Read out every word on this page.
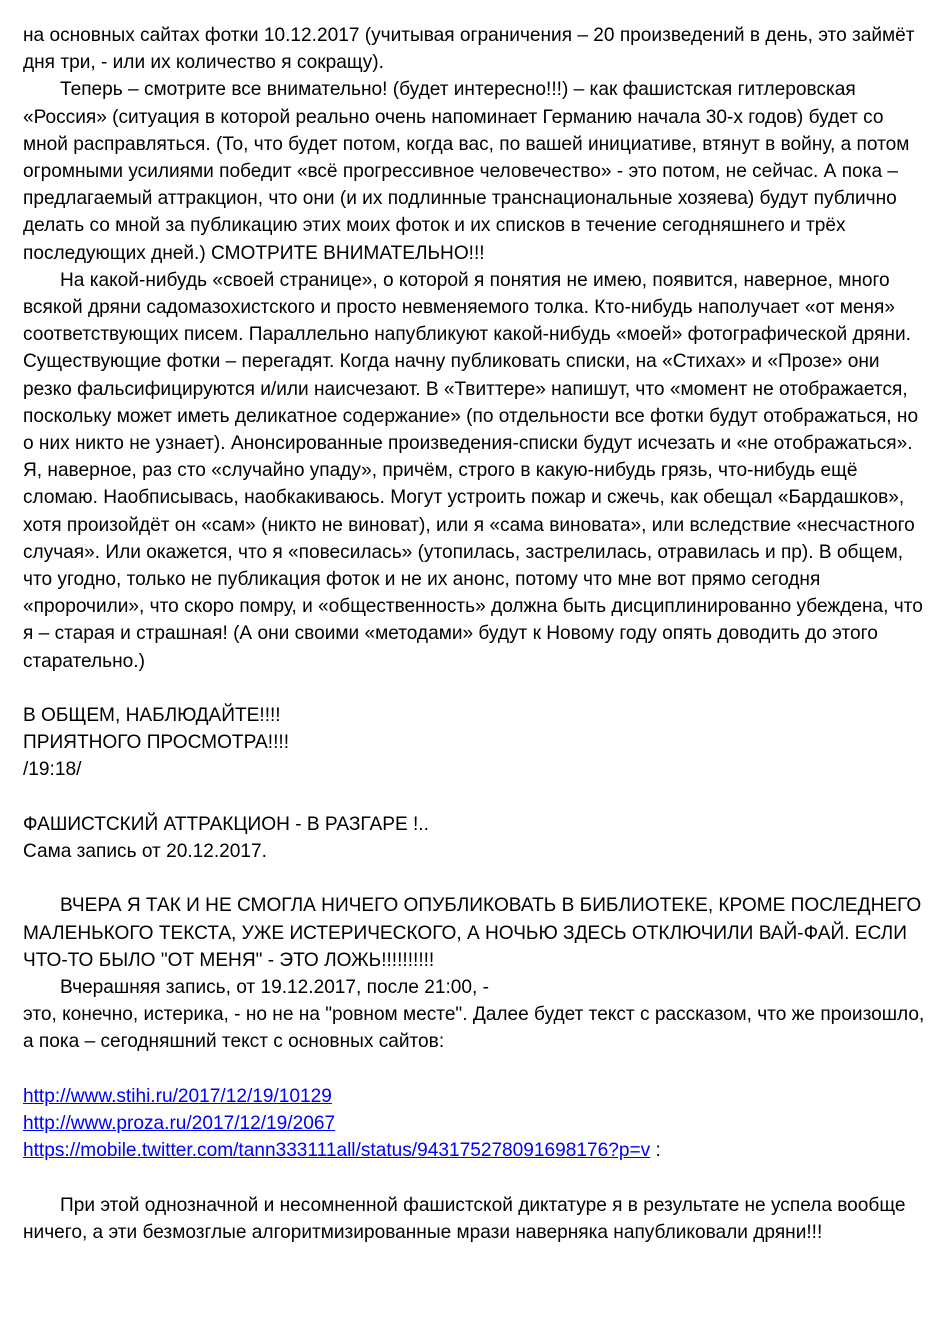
на основных сайтах фотки 10.12.2017 (учитывая ограничения – 20 произведений в день, это займёт дня три, - или их количество я сокращу).

Теперь – смотрите все внимательно! (будет интересно!!!) – как фашистская гитлеровская «Россия» (ситуация в которой реально очень напоминает Германию начала 30-х годов) будет со мной расправляться. (То, что будет потом, когда вас, по вашей инициативе, втянут в войну, а потом огромными усилиями победит «всё прогрессивное человечество» - это потом, не сейчас. А пока – предлагаемый аттракцион, что они (и их подлинные транснациональные хозяева) будут публично делать со мной за публикацию этих моих фоток и их списков в течение сегодняшнего и трёх последующих дней.) СМОТРИТЕ ВНИМАТЕЛЬНО!!!

На какой-нибудь «своей странице», о которой я понятия не имею, появится, наверное, много всякой дряни садомазохистского и просто невменяемого толка. Кто-нибудь наполучает «от меня» соответствующих писем. Параллельно напубликуют какой-нибудь «моей» фотографической дряни. Существующие фотки – перегадят. Когда начну публиковать списки, на «Стихах» и «Прозе» они резко фальсифицируются и/или наисчезают. В «Твиттере» напишут, что «момент не отображается, поскольку может иметь деликатное содержание» (по отдельности все фотки будут отображаться, но о них никто не узнает). Анонсированные произведения-списки будут исчезать и «не отображаться». Я, наверное, раз сто «случайно упаду», причём, строго в какую-нибудь грязь, что-нибудь ещё сломаю. Наобписывась, наобкакиваюсь. Могут устроить пожар и сжечь, как обещал «Бардашков», хотя произойдёт он «сам» (никто не виноват), или я «сама виновата», или вследствие «несчастного случая». Или окажется, что я «повесилась» (утопилась, застрелилась, отравилась и пр). В общем, что угодно, только не публикация фоток и не их анонс, потому что мне вот прямо сегодня «пророчили», что скоро помру, и «общественность» должна быть дисциплинированно убеждена, что я – старая и страшная! (А они своими «методами» будут к Новому году опять доводить до этого старательно.)

В ОБЩЕМ, НАБЛЮДАЙТЕ!!!!

ПРИЯТНОГО ПРОСМОТРА!!!!

/19:18/

ФАШИСТСКИЙ АТТРАКЦИОН - В РАЗГАРЕ !..

Сама запись от 20.12.2017.

ВЧЕРА Я ТАК И НЕ СМОГЛА НИЧЕГО ОПУБЛИКОВАТЬ В БИБЛИОТЕКЕ, КРОМЕ ПОСЛЕДНЕГО МАЛЕНЬКОГО ТЕКСТА, УЖЕ ИСТЕРИЧЕСКОГО, А НОЧЬЮ ЗДЕСЬ ОТКЛЮЧИЛИ ВАЙ-ФАЙ. ЕСЛИ ЧТО-ТО БЫЛО "ОТ МЕНЯ" - ЭТО ЛОЖЬ!!!!!!!!!!

Вчерашняя запись, от 19.12.2017, после 21:00, -

это, конечно, истерика, - но не на "ровном месте". Далее будет текст с рассказом, что же произошло, а пока – сегодняшний текст с основных сайтов:

http://www.stihi.ru/2017/12/19/10129

http://www.proza.ru/2017/12/19/2067

https://mobile.twitter.com/tann333111all/status/943175278091698176?p=v :

При этой однозначной и несомненной фашистской диктатуре я в результате не успела вообще ничего, а эти безмозглые алгоритмизированные мрази наверняка напубликовали дряни!!!
